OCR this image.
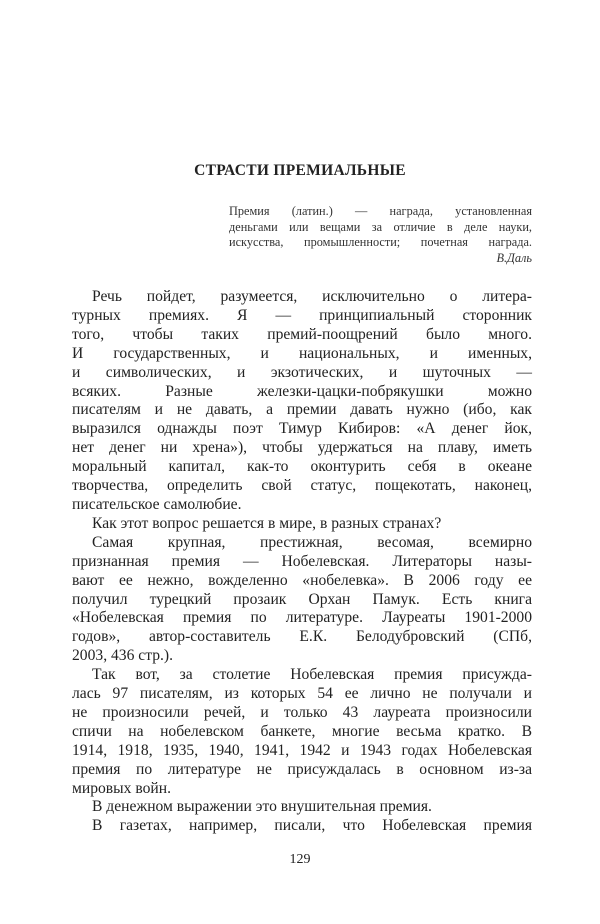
СТРАСТИ ПРЕМИАЛЬНЫЕ
Премия (латин.) — награда, установленная
деньгами или вещами за отличие в деле науки,
искусства, промышленности; почетная награда.
В.Даль
Речь пойдет, разумеется, исключительно о литера-
турных премиях. Я — принципиальный сторонник
того, чтобы таких премий-поощрений было много.
И государственных, и национальных, и именных,
и символических, и экзотических, и шуточных —
всяких. Разные железки-цацки-побрякушки можно
писателям и не давать, а премии давать нужно (ибо, как
выразился однажды поэт Тимур Кибиров: «А денег йок,
нет денег ни хрена»), чтобы удержаться на плаву, иметь
моральный капитал, как-то оконтурить себя в океане
творчества, определить свой статус, пощекотать, наконец,
писательское самолюбие.
Как этот вопрос решается в мире, в разных странах?
Самая крупная, престижная, весомая, всемирно
признанная премия — Нобелевская. Литераторы назы-
вают ее нежно, вожделенно «нобелевка». В 2006 году ее
получил турецкий прозаик Орхан Памук. Есть книга
«Нобелевская премия по литературе. Лауреаты 1901-2000
годов», автор-составитель Е.К. Белодубровский (СПб,
2003, 436 стр.).
Так вот, за столетие Нобелевская премия присужда-
лась 97 писателям, из которых 54 ее лично не получали и
не произносили речей, и только 43 лауреата произносили
спичи на нобелевском банкете, многие весьма кратко. В
1914, 1918, 1935, 1940, 1941, 1942 и 1943 годах Нобелевская
премия по литературе не присуждалась в основном из-за
мировых войн.
В денежном выражении это внушительная премия.
В газетах, например, писали, что Нобелевская премия
129
